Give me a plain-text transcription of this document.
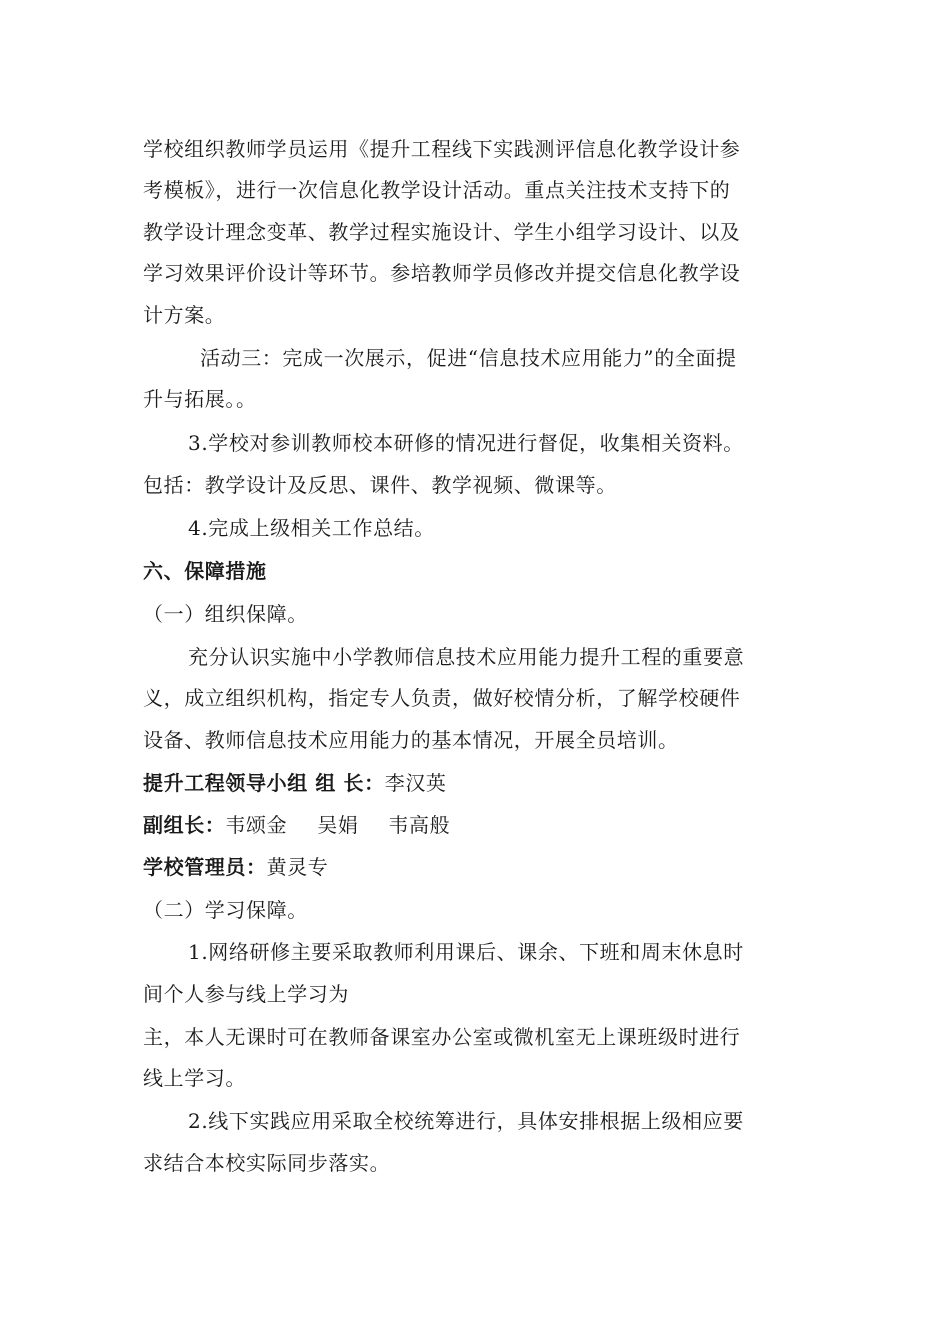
学校组织教师学员运用《提升工程线下实践测评信息化教学设计参
考模板》，进行一次信息化教学设计活动。重点关注技术支持下的
教学设计理念变革、教学过程实施设计、学生小组学习设计、以及
学习效果评价设计等环节。参培教师学员修改并提交信息化教学设
计方案。
活动三：完成一次展示，促进“信息技术应用能力”的全面提
升与拓展。。
3.学校对参训教师校本研修的情况进行督促，收集相关资料。
包括：教学设计及反思、课件、教学视频、微课等。
4.完成上级相关工作总结。
六、保障措施
（一）组织保障。
充分认识实施中小学教师信息技术应用能力提升工程的重要意
义，成立组织机构，指定专人负责，做好校情分析，了解学校硬件
设备、教师信息技术应用能力的基本情况，开展全员培训。
提升工程领导小组 组 长：李汉英
副组长：韦颂金 吴娟 韦高般
学校管理员：黄灵专
（二）学习保障。
1.网络研修主要采取教师利用课后、课余、下班和周末休息时
间个人参与线上学习为
主，本人无课时可在教师备课室办公室或微机室无上课班级时进行
线上学习。
2.线下实践应用采取全校统筹进行，具体安排根据上级相应要
求结合本校实际同步落实。
